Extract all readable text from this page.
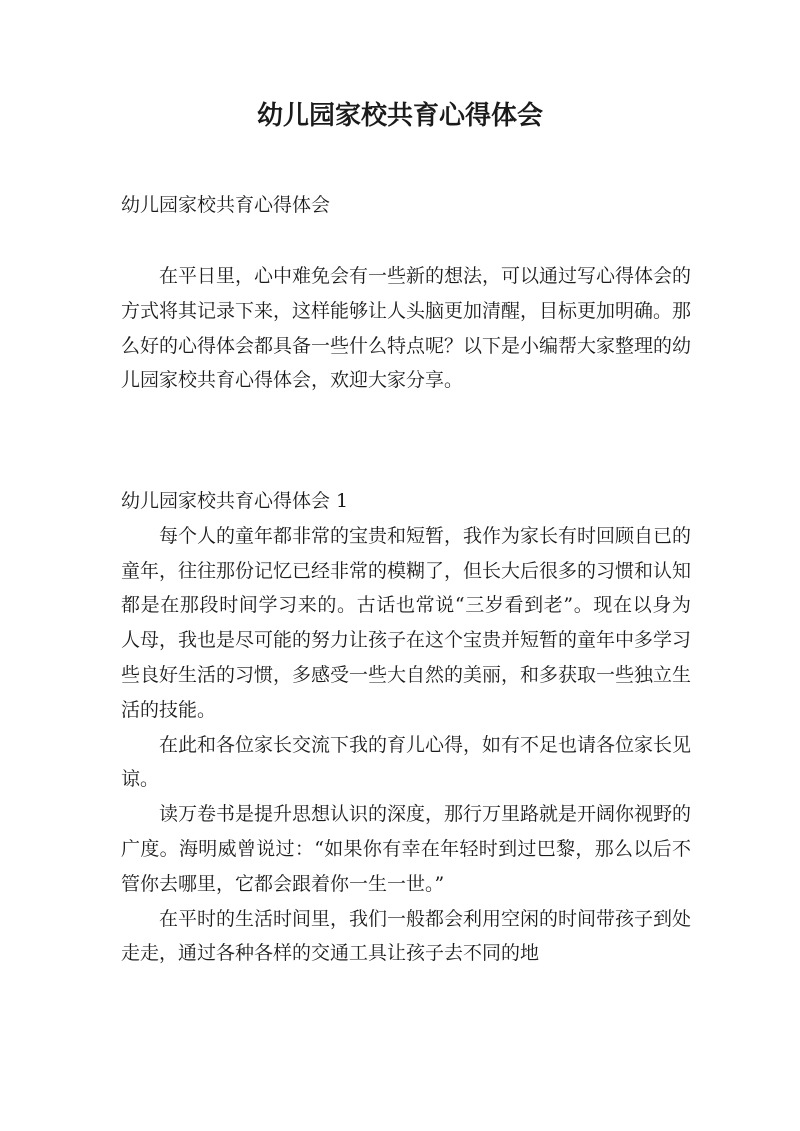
幼儿园家校共育心得体会

幼儿园家校共育心得体会

在平日里，心中难免会有一些新的想法，可以通过写心得体会的方式将其记录下来，这样能够让人头脑更加清醒，目标更加明确。那么好的心得体会都具备一些什么特点呢？以下是小编帮大家整理的幼儿园家校共育心得体会，欢迎大家分享。

幼儿园家校共育心得体会 1

每个人的童年都非常的宝贵和短暂，我作为家长有时回顾自已的童年，往往那份记忆已经非常的模糊了，但长大后很多的习惯和认知都是在那段时间学习来的。古话也常说“三岁看到老”。现在以身为人母，我也是尽可能的努力让孩子在这个宝贵并短暂的童年中多学习些良好生活的习惯，多感受一些大自然的美丽，和多获取一些独立生活的技能。

在此和各位家长交流下我的育儿心得，如有不足也请各位家长见谅。

读万卷书是提升思想认识的深度，那行万里路就是开阔你视野的广度。海明威曾说过：“如果你有幸在年轻时到过巴黎，那么以后不管你去哪里，它都会跟着你一生一世。”

在平时的生活时间里，我们一般都会利用空闲的时间带孩子到处走走，通过各种各样的交通工具让孩子去不同的地
